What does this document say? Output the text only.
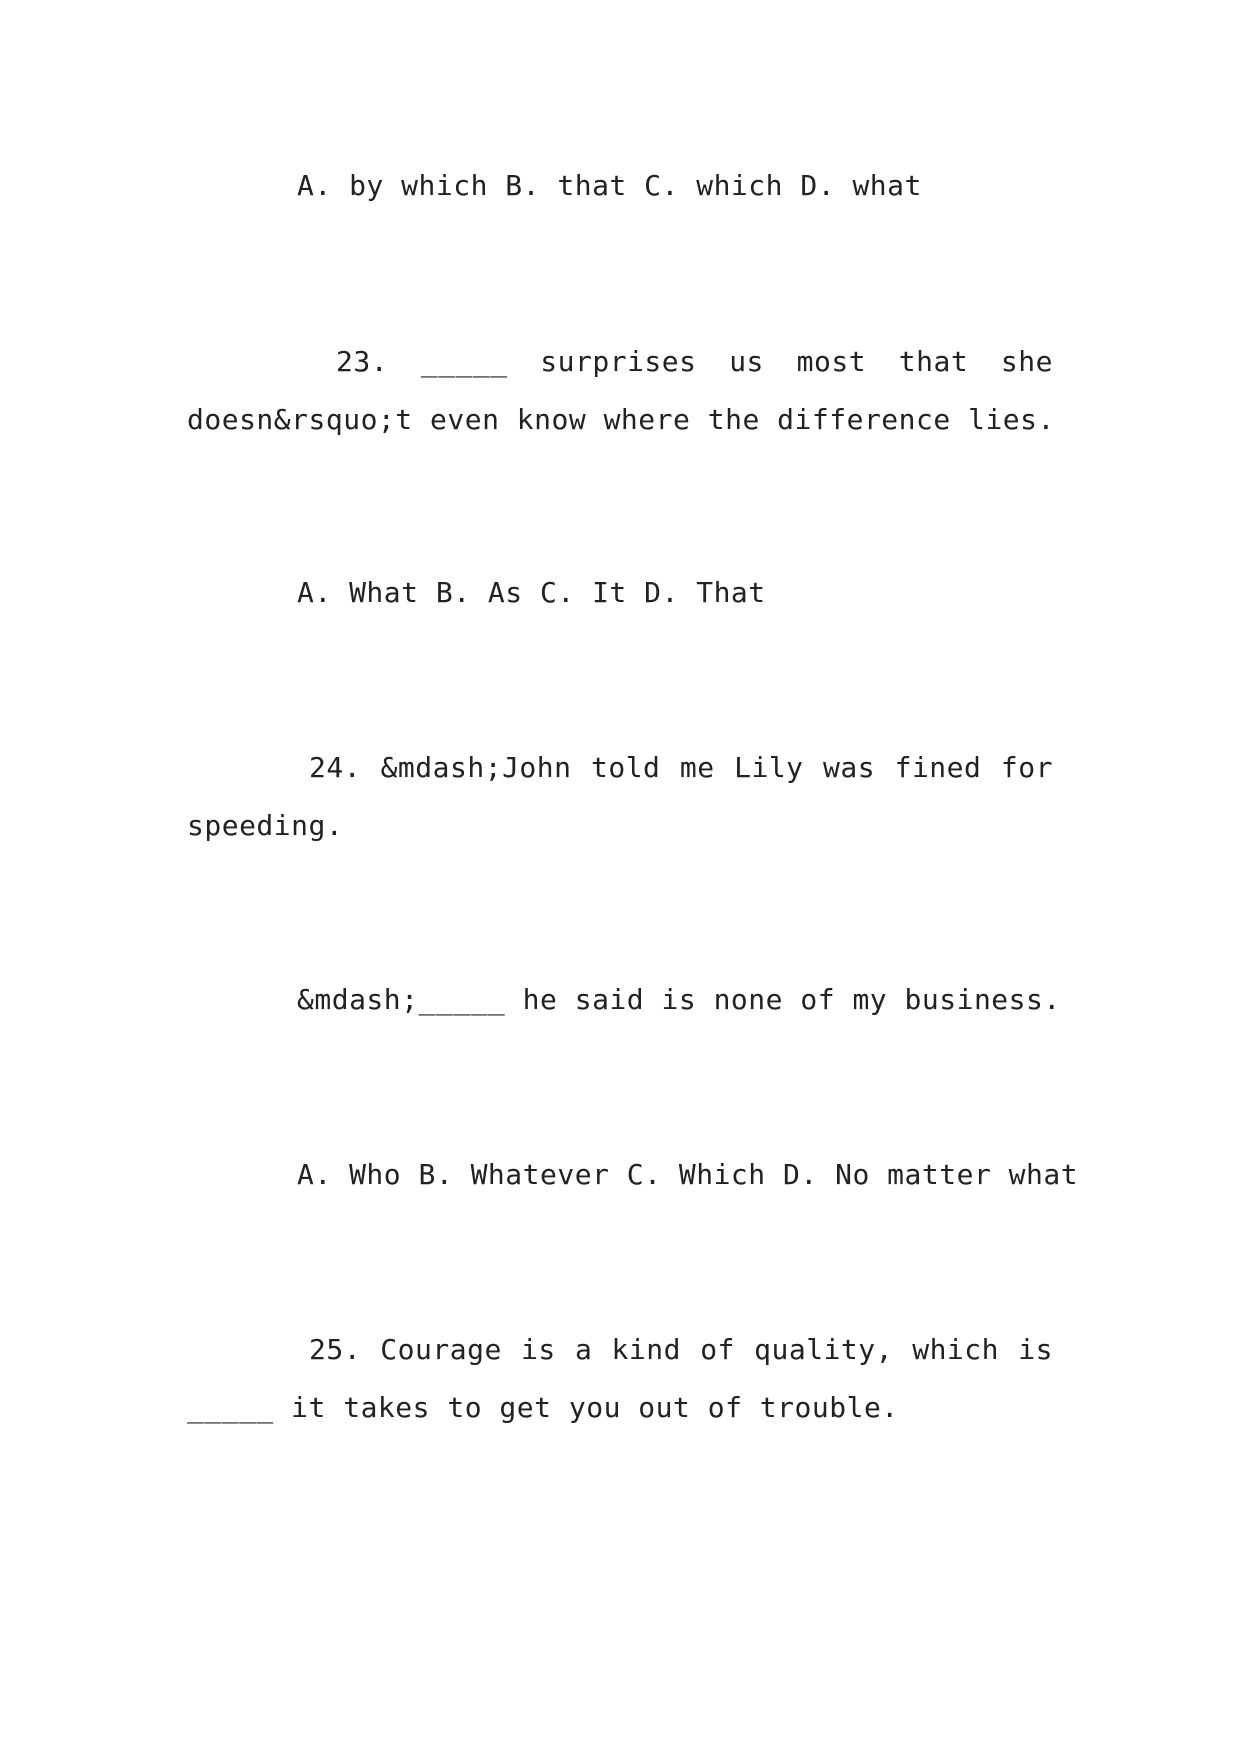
A. by which B. that C. which D. what
23. _____ surprises us most that she
doesn&rsquo;t even know where the difference lies.
A. What B. As C. It D. That
24. &mdash;John told me Lily was fined for
speeding.
&mdash;_____ he said is none of my business.
A. Who B. Whatever C. Which D. No matter what
25. Courage is a kind of quality, which is
_____ it takes to get you out of trouble.
